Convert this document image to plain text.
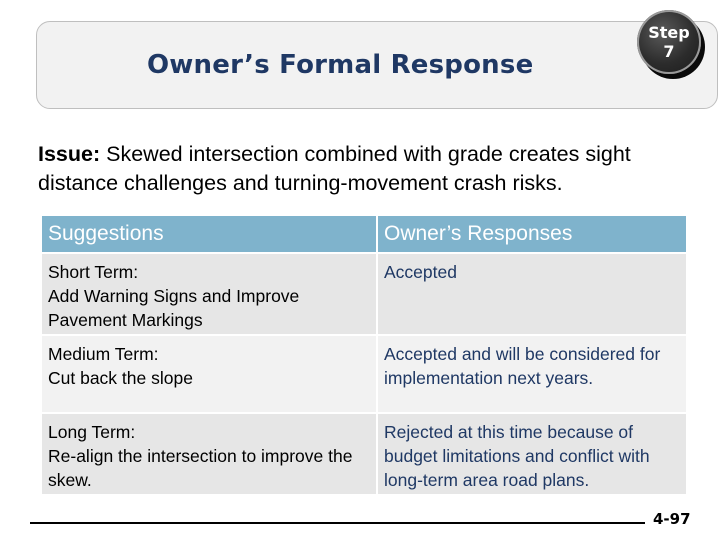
Owner’s Formal Response
Step
7
Issue: Skewed intersection combined with grade creates sight distance challenges and turning-movement crash risks.
Suggestions	Owner’s Responses

Short Term:
Add Warning Signs and Improve Pavement Markings	Accepted

Medium Term:
Cut back the slope	Accepted and will be considered for implementation next years.

Long Term:
Re-align the intersection to improve the skew.	Rejected at this time because of budget limitations and conflict with long-term area road plans.
4-97
